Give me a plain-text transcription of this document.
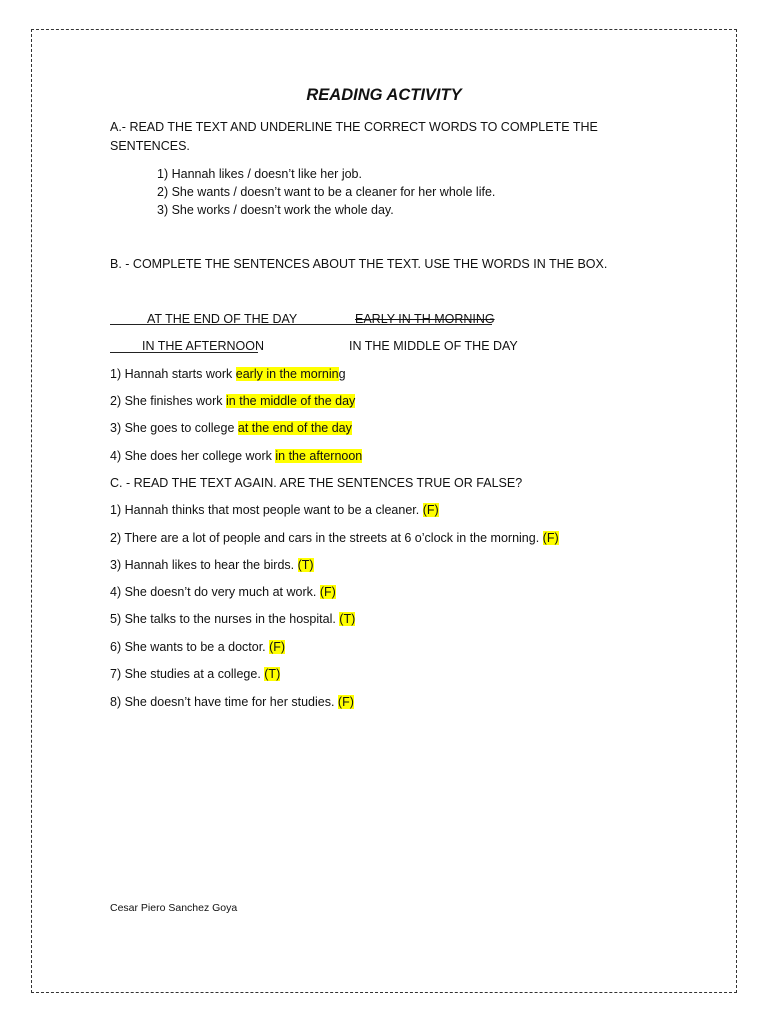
READING ACTIVITY
A.- READ THE TEXT AND UNDERLINE THE CORRECT WORDS TO COMPLETE THE
SENTENCES.
1) Hannah likes / doesn’t like her job.
2) She wants / doesn’t want to be a cleaner for her whole life.
3) She works / doesn’t work the whole day.
B. - COMPLETE THE SENTENCES ABOUT THE TEXT. USE THE WORDS IN THE BOX.
AT THE END OF THE DAY	EARLY IN TH MORNING
IN THE AFTERNOON	IN THE MIDDLE OF THE DAY
1) Hannah starts work early in the morning
2) She finishes work in the middle of the day
3) She goes to college at the end of the day
4) She does her college work in the afternoon
C. - READ THE TEXT AGAIN. ARE THE SENTENCES TRUE OR FALSE?
1) Hannah thinks that most people want to be a cleaner. (F)
2) There are a lot of people and cars in the streets at 6 o’clock in the morning. (F)
3) Hannah likes to hear the birds. (T)
4) She doesn’t do very much at work. (F)
5) She talks to the nurses in the hospital. (T)
6) She wants to be a doctor. (F)
7) She studies at a college. (T)
8) She doesn’t have time for her studies. (F)
Cesar Piero Sanchez Goya
